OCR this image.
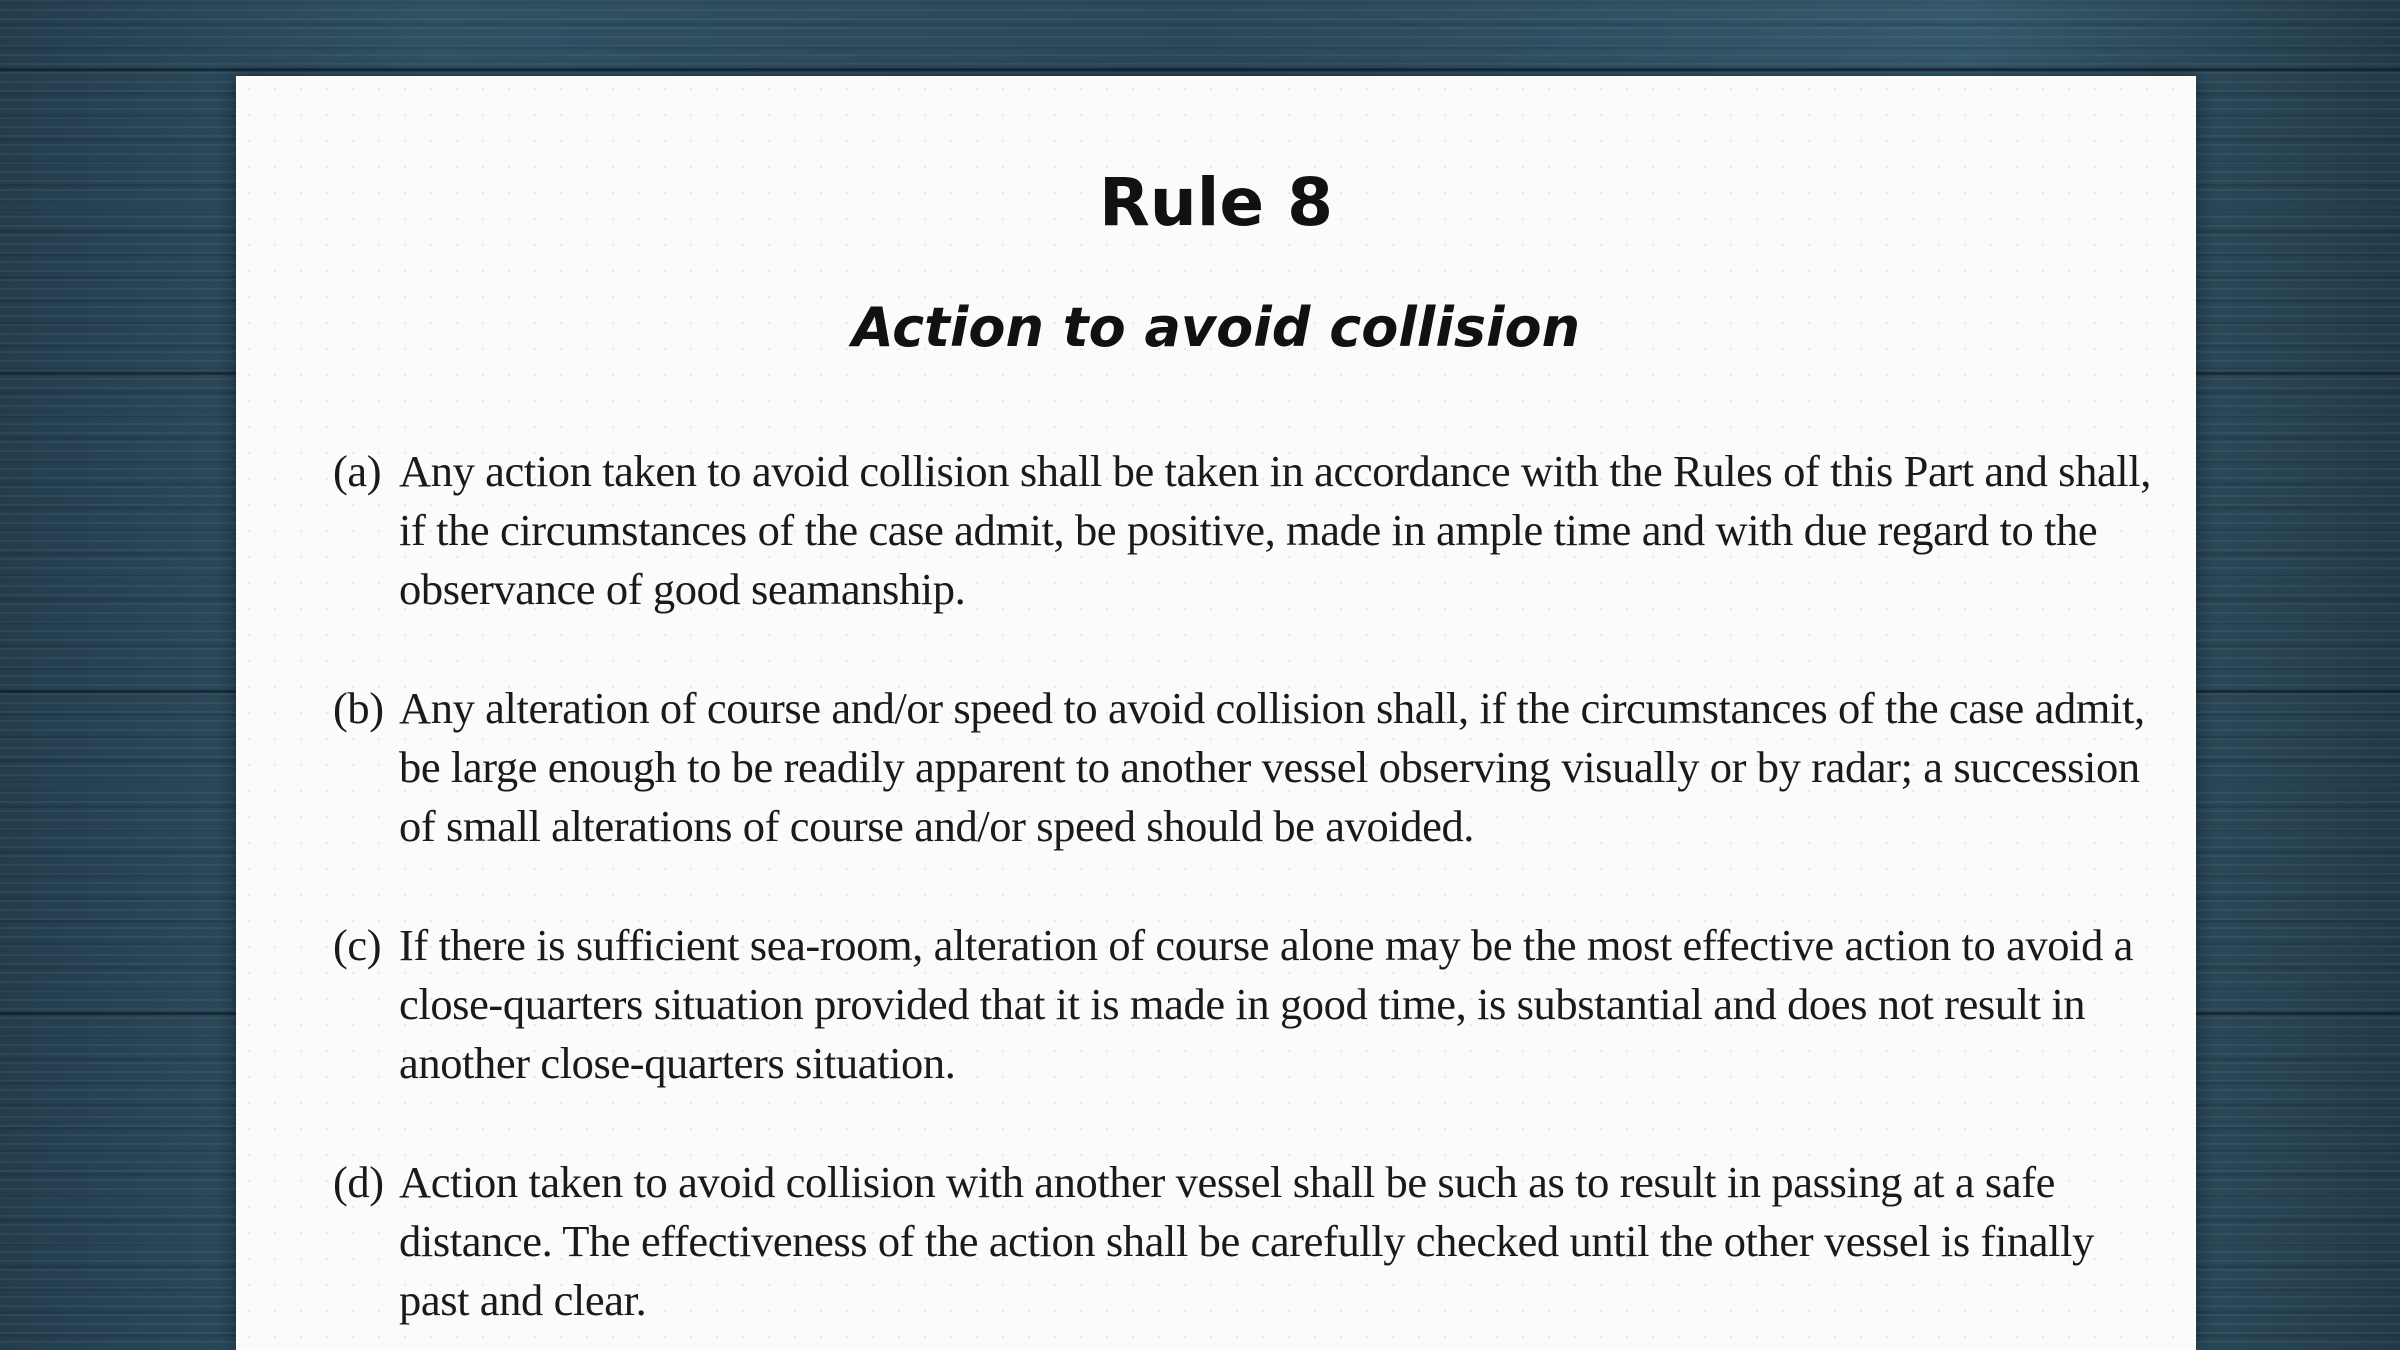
Rule 8
Action to avoid collision
(a) Any action taken to avoid collision shall be taken in accordance with the Rules of this Part and shall, if the circumstances of the case admit, be positive, made in ample time and with due regard to the observance of good seamanship.
(b) Any alteration of course and/or speed to avoid collision shall, if the circumstances of the case admit, be large enough to be readily apparent to another vessel observing visually or by radar; a succession of small alterations of course and/or speed should be avoided.
(c) If there is sufficient sea-room, alteration of course alone may be the most effective action to avoid a close-quarters situation provided that it is made in good time, is substantial and does not result in another close-quarters situation.
(d) Action taken to avoid collision with another vessel shall be such as to result in passing at a safe distance. The effectiveness of the action shall be carefully checked until the other vessel is finally past and clear.
